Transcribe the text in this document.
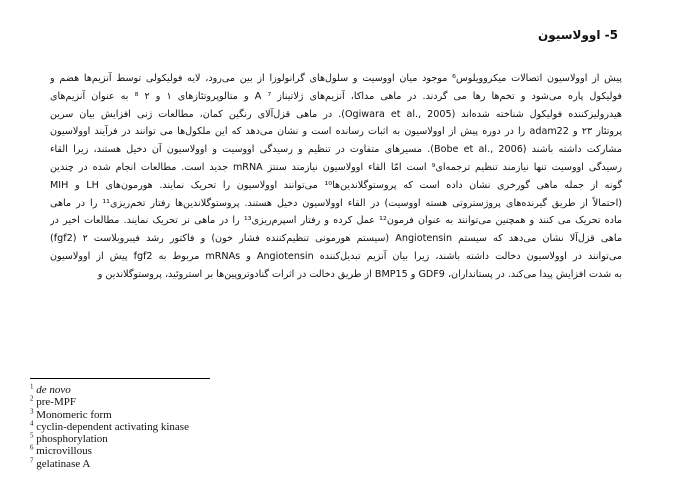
5- اوولاسیون
پیش از اوولاسیون اتصالات میکروویلوس⁶ موجود میان اووسیت و سلول‌های گرانولوزا از بین می‌رود، لایه فولیکولی توسط آنزیم‌ها هضم و
فولیکول پاره می‌شود و تخم‌ها رها می گردند. در ماهی مداکا، آنزیم‌های ژلاتیناز A ⁷ و متالوپروتئازهای ۱ و ۲ ⁸ به عنوان آنزیم‌های
هیدرولیزکننده فولیکول شناخته شده‌اند (Ogiwara et al., 2005). در ماهی قزل‌آلای رنگین کمان، مطالعات ژنی افزایش بیان سرین
پروتئاز ۲۳ و adam22 را در دوره پیش از اوولاسیون به اثبات رسانده است و نشان می‌دهد که این ملکول‌ها می توانند در فرآیند اوولاسیون
مشارکت داشته باشند (Bobe et al., 2006). مسیرهای متفاوت در تنظیم و رسیدگی اووسیت و اوولاسیون آن دخیل هستند، زیرا القاء
رسیدگی اووسیت تنها نیازمند تنظیم ترجمه‌ای⁹ است امّا القاء اوولاسیون نیازمند سنتز mRNA جدید است. مطالعات انجام شده در چندین
گونه از جمله ماهی گورخری نشان داده است که پروستوگلاندین‌ها¹⁰ می‌توانند اوولاسیون را تحریک نمایند. هورمون‌های LH و MIH
(احتمالاً از طریق گیرنده‌های پروژستروتی هسته اووسیت) در القاء اوولاسیون دخیل هستند. پروستوگلاندین‌ها رفتار تخم‌ریزی¹¹ را در ماهی
ماده تحریک می کنند و همچنین می‌توانند به عنوان فرمون¹² عمل کرده و رفتار اسپرم‌ریزی¹³ را در ماهی نر تحریک نمایند. مطالعات اخیر در
ماهی قزل‌آلا نشان می‌دهد که سیستم Angiotensin (سیستم هورمونی تنظیم‌کننده فشار خون) و فاکتور رشد فیبروبلاست ۲ (fgf2)
می‌توانند در اوولاسیون دخالت داشته باشند، زیرا بیان آنزیم تبدیل‌کننده Angiotensin و mRNAs مربوط به fgf2 پیش از اوولاسیون
به شدت افزایش پیدا می‌کند. در پستانداران، GDF9 و BMP15 از طریق دخالت در اثرات گنادوتروپین‌ها بر استروئید، پروستوگلاندین و
$^1$ de novo
$^2$ pre-MPF
$^3$ Monomeric form
$^4$ cyclin-dependent activating kinase
$^5$ phosphorylation
$^6$ microvillous
$^7$ gelatinase A
